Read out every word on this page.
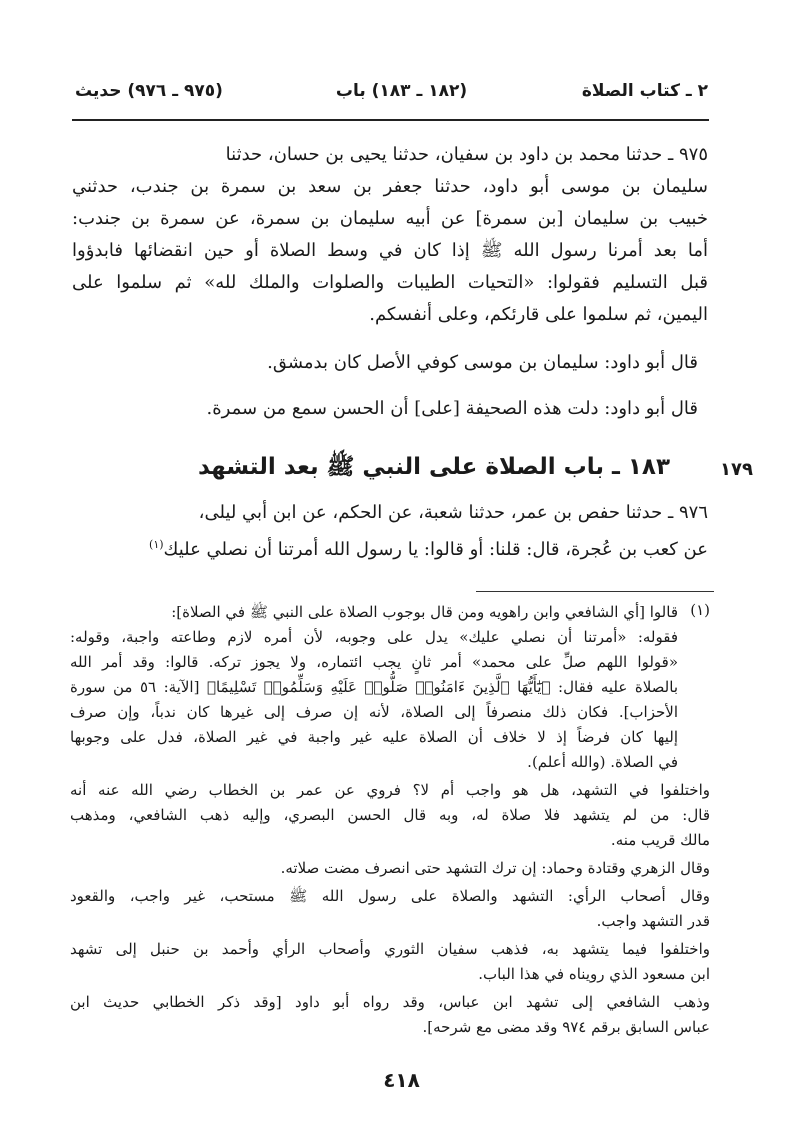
٢ ـ كتاب الصلاة
(١٨٢ ـ ١٨٣) باب
(٩٧٥ ـ ٩٧٦) حديث
٩٧٥ ـ حدثنا محمد بن داود بن سفيان، حدثنا يحيى بن حسان، حدثنا
سليمان بن موسى أبو داود، حدثنا جعفر بن سعد بن سمرة بن جندب، حدثني
خبيب بن سليمان [بن سمرة] عن أبيه سليمان بن سمرة، عن سمرة بن جندب:
أما بعد أمرنا رسول الله ﷺ إذا كان في وسط الصلاة أو حين انقضائها فابدؤوا
قبل التسليم فقولوا: «التحيات الطيبات والصلوات والملك لله» ثم سلموا على
اليمين، ثم سلموا على قارئكم، وعلى أنفسكم.
قال أبو داود: سليمان بن موسى كوفي الأصل كان بدمشق.
قال أبو داود: دلت هذه الصحيفة [على] أن الحسن سمع من سمرة.
١٨٣ ـ باب الصلاة على النبي ﷺ بعد التشهد	١٧٩
٩٧٦ ـ حدثنا حفص بن عمر، حدثنا شعبة، عن الحكم، عن ابن أبي ليلى،
عن كعب بن عُجرة، قال: قلنا: أو قالوا: يا رسول الله أمرتنا أن نصلي عليك$^{(١)}$
(١)
قالوا [أي الشافعي وابن راهويه ومن قال بوجوب الصلاة على النبي ﷺ في الصلاة]:
فقوله: «أمرتنا أن نصلي عليك» يدل على وجوبه، لأن أمره لازم وطاعته واجبة، وقوله:
«قولوا اللهم صلِّ على محمد» أمر ثانٍ يجب ائتماره، ولا يجوز تركه. قالوا: وقد أمر الله
بالصلاة عليه فقال: ﴿يَٰٓأَيُّهَا ٱلَّذِينَ ءَامَنُوا۟ صَلُّوا۟ عَلَيْهِ وَسَلِّمُوا۟ تَسْلِيمًا﴾ [الآية: ٥٦ من سورة
الأحزاب]. فكان ذلك منصرفاً إلى الصلاة، لأنه إن صرف إلى غيرها كان ندباً، وإن صرف
إليها كان فرضاً إذ لا خلاف أن الصلاة عليه غير واجبة في غير الصلاة، فدل على وجوبها
في الصلاة. (والله أعلم).
واختلفوا في التشهد، هل هو واجب أم لا؟ فروي عن عمر بن الخطاب رضي الله عنه أنه
قال: من لم يتشهد فلا صلاة له، وبه قال الحسن البصري، وإليه ذهب الشافعي، ومذهب
مالك قريب منه.
وقال الزهري وقتادة وحماد: إن ترك التشهد حتى انصرف مضت صلاته.
وقال أصحاب الرأي: التشهد والصلاة على رسول الله ﷺ مستحب، غير واجب، والقعود
قدر التشهد واجب.
واختلفوا فيما يتشهد به، فذهب سفيان الثوري وأصحاب الرأي وأحمد بن حنبل إلى تشهد
ابن مسعود الذي رويناه في هذا الباب.
وذهب الشافعي إلى تشهد ابن عباس، وقد رواه أبو داود [وقد ذكر الخطابي حديث ابن
عباس السابق برقم ٩٧٤ وقد مضى مع شرحه].
٤١٨
